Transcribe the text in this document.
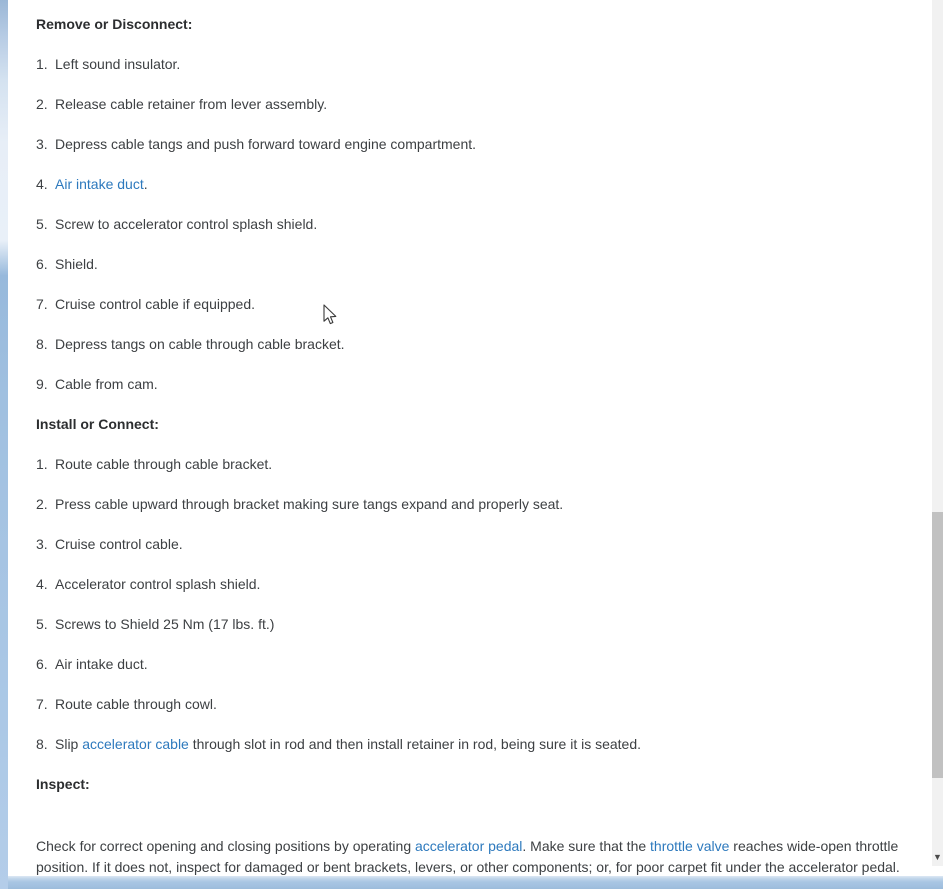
Remove or Disconnect:
1. Left sound insulator.
2. Release cable retainer from lever assembly.
3. Depress cable tangs and push forward toward engine compartment.
4. Air intake duct.
5. Screw to accelerator control splash shield.
6. Shield.
7. Cruise control cable if equipped.
8. Depress tangs on cable through cable bracket.
9. Cable from cam.
Install or Connect:
1. Route cable through cable bracket.
2. Press cable upward through bracket making sure tangs expand and properly seat.
3. Cruise control cable.
4. Accelerator control splash shield.
5. Screws to Shield 25 Nm (17 lbs. ft.)
6. Air intake duct.
7. Route cable through cowl.
8. Slip accelerator cable through slot in rod and then install retainer in rod, being sure it is seated.
Inspect:
Check for correct opening and closing positions by operating accelerator pedal. Make sure that the throttle valve reaches wide-open throttle position. If it does not, inspect for damaged or bent brackets, levers, or other components; or, for poor carpet fit under the accelerator pedal.
▼
